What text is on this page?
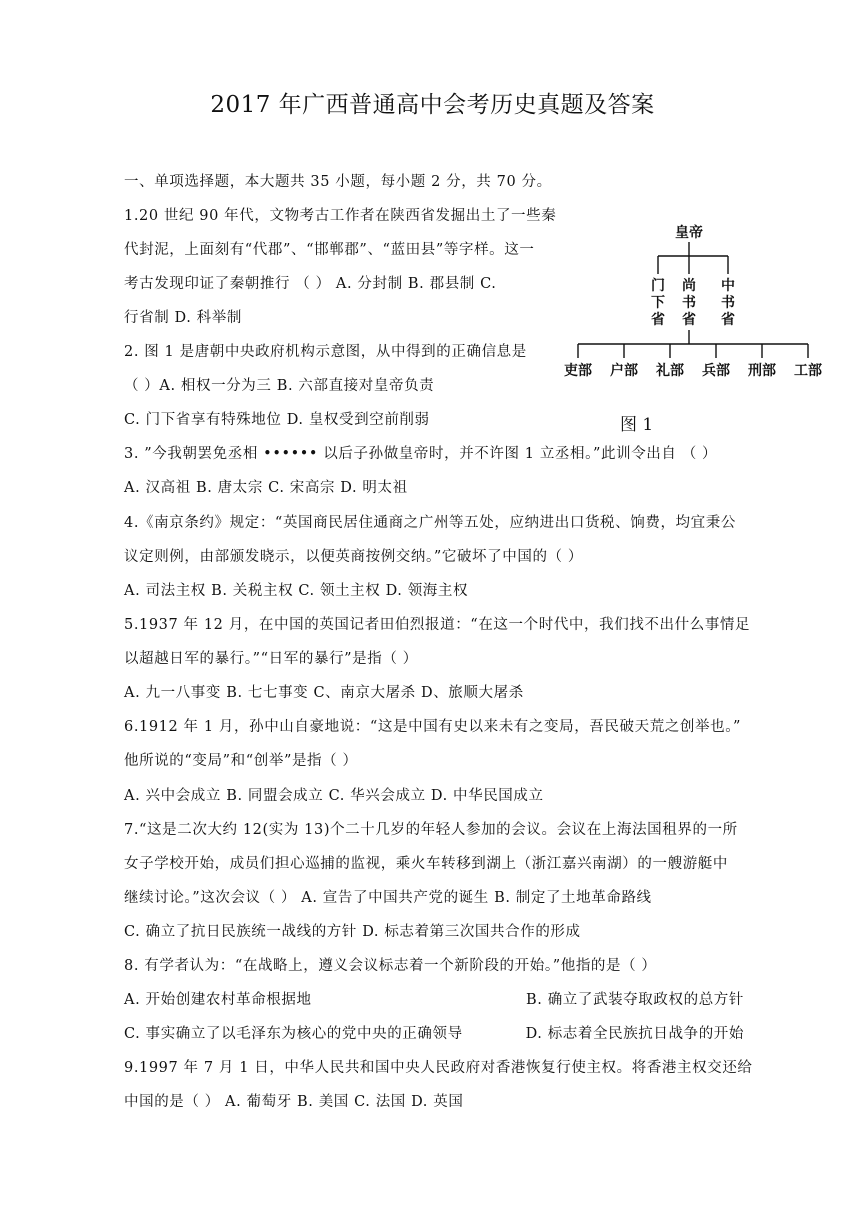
2017 年广西普通高中会考历史真题及答案
一、单项选择题，本大题共 35 小题，每小题 2 分，共 70 分。
1.20 世纪 90 年代，文物考古工作者在陕西省发掘出土了一些秦
代封泥，上面刻有“代郡”、“邯郸郡”、“蓝田县”等字样。这一
考古发现印证了秦朝推行 （ ） A. 分封制 B. 郡县制 C.
行省制 D. 科举制
2. 图 1 是唐朝中央政府机构示意图，从中得到的正确信息是
（ ）A. 相权一分为三 B. 六部直接对皇帝负责
C. 门下省享有特殊地位 D. 皇权受到空前削弱
3. ”今我朝罢免丞相 •••••• 以后子孙做皇帝时，并不许图 1 立丞相。”此训令出自 （ ）
A. 汉高祖 B. 唐太宗 C. 宋高宗 D. 明太祖
4.《南京条约》规定：“英国商民居住通商之广州等五处，应纳进出口货税、饷费，均宜秉公
议定则例，由部颁发晓示，以便英商按例交纳。”它破坏了中国的（ ）
A. 司法主权 B. 关税主权 C. 领土主权 D. 领海主权
5.1937 年 12 月，在中国的英国记者田伯烈报道：“在这一个时代中，我们找不出什么事情足
以超越日军的暴行。”“日军的暴行”是指（ ）
A. 九一八事变 B. 七七事变 C、南京大屠杀 D、旅顺大屠杀
6.1912 年 1 月，孙中山自豪地说：“这是中国有史以来未有之变局，吾民破天荒之创举也。”
他所说的“变局”和“创举”是指（ ）
A. 兴中会成立 B. 同盟会成立 C. 华兴会成立 D. 中华民国成立
7.“这是二次大约 12(实为 13)个二十几岁的年轻人参加的会议。会议在上海法国租界的一所
女子学校开始，成员们担心巡捕的监视，乘火车转移到湖上（浙江嘉兴南湖）的一艘游艇中
继续讨论。”这次会议（ ） A. 宣告了中国共产党的诞生 B. 制定了土地革命路线
C. 确立了抗日民族统一战线的方针 D. 标志着第三次国共合作的形成
8. 有学者认为：“在战略上，遵义会议标志着一个新阶段的开始。”他指的是（ ）
A. 开始创建农村革命根据地	B. 确立了武装夺取政权的总方针
C. 事实确立了以毛泽东为核心的党中央的正确领导	D. 标志着全民族抗日战争的开始
9.1997 年 7 月 1 日，中华人民共和国中央人民政府对香港恢复行使主权。将香港主权交还给
中国的是（ ） A. 葡萄牙 B. 美国 C. 法国 D. 英国
皇帝
门
下
省
尚
书
省
中
书
省
吏部 户部 礼部 兵部 刑部 工部
图 1
